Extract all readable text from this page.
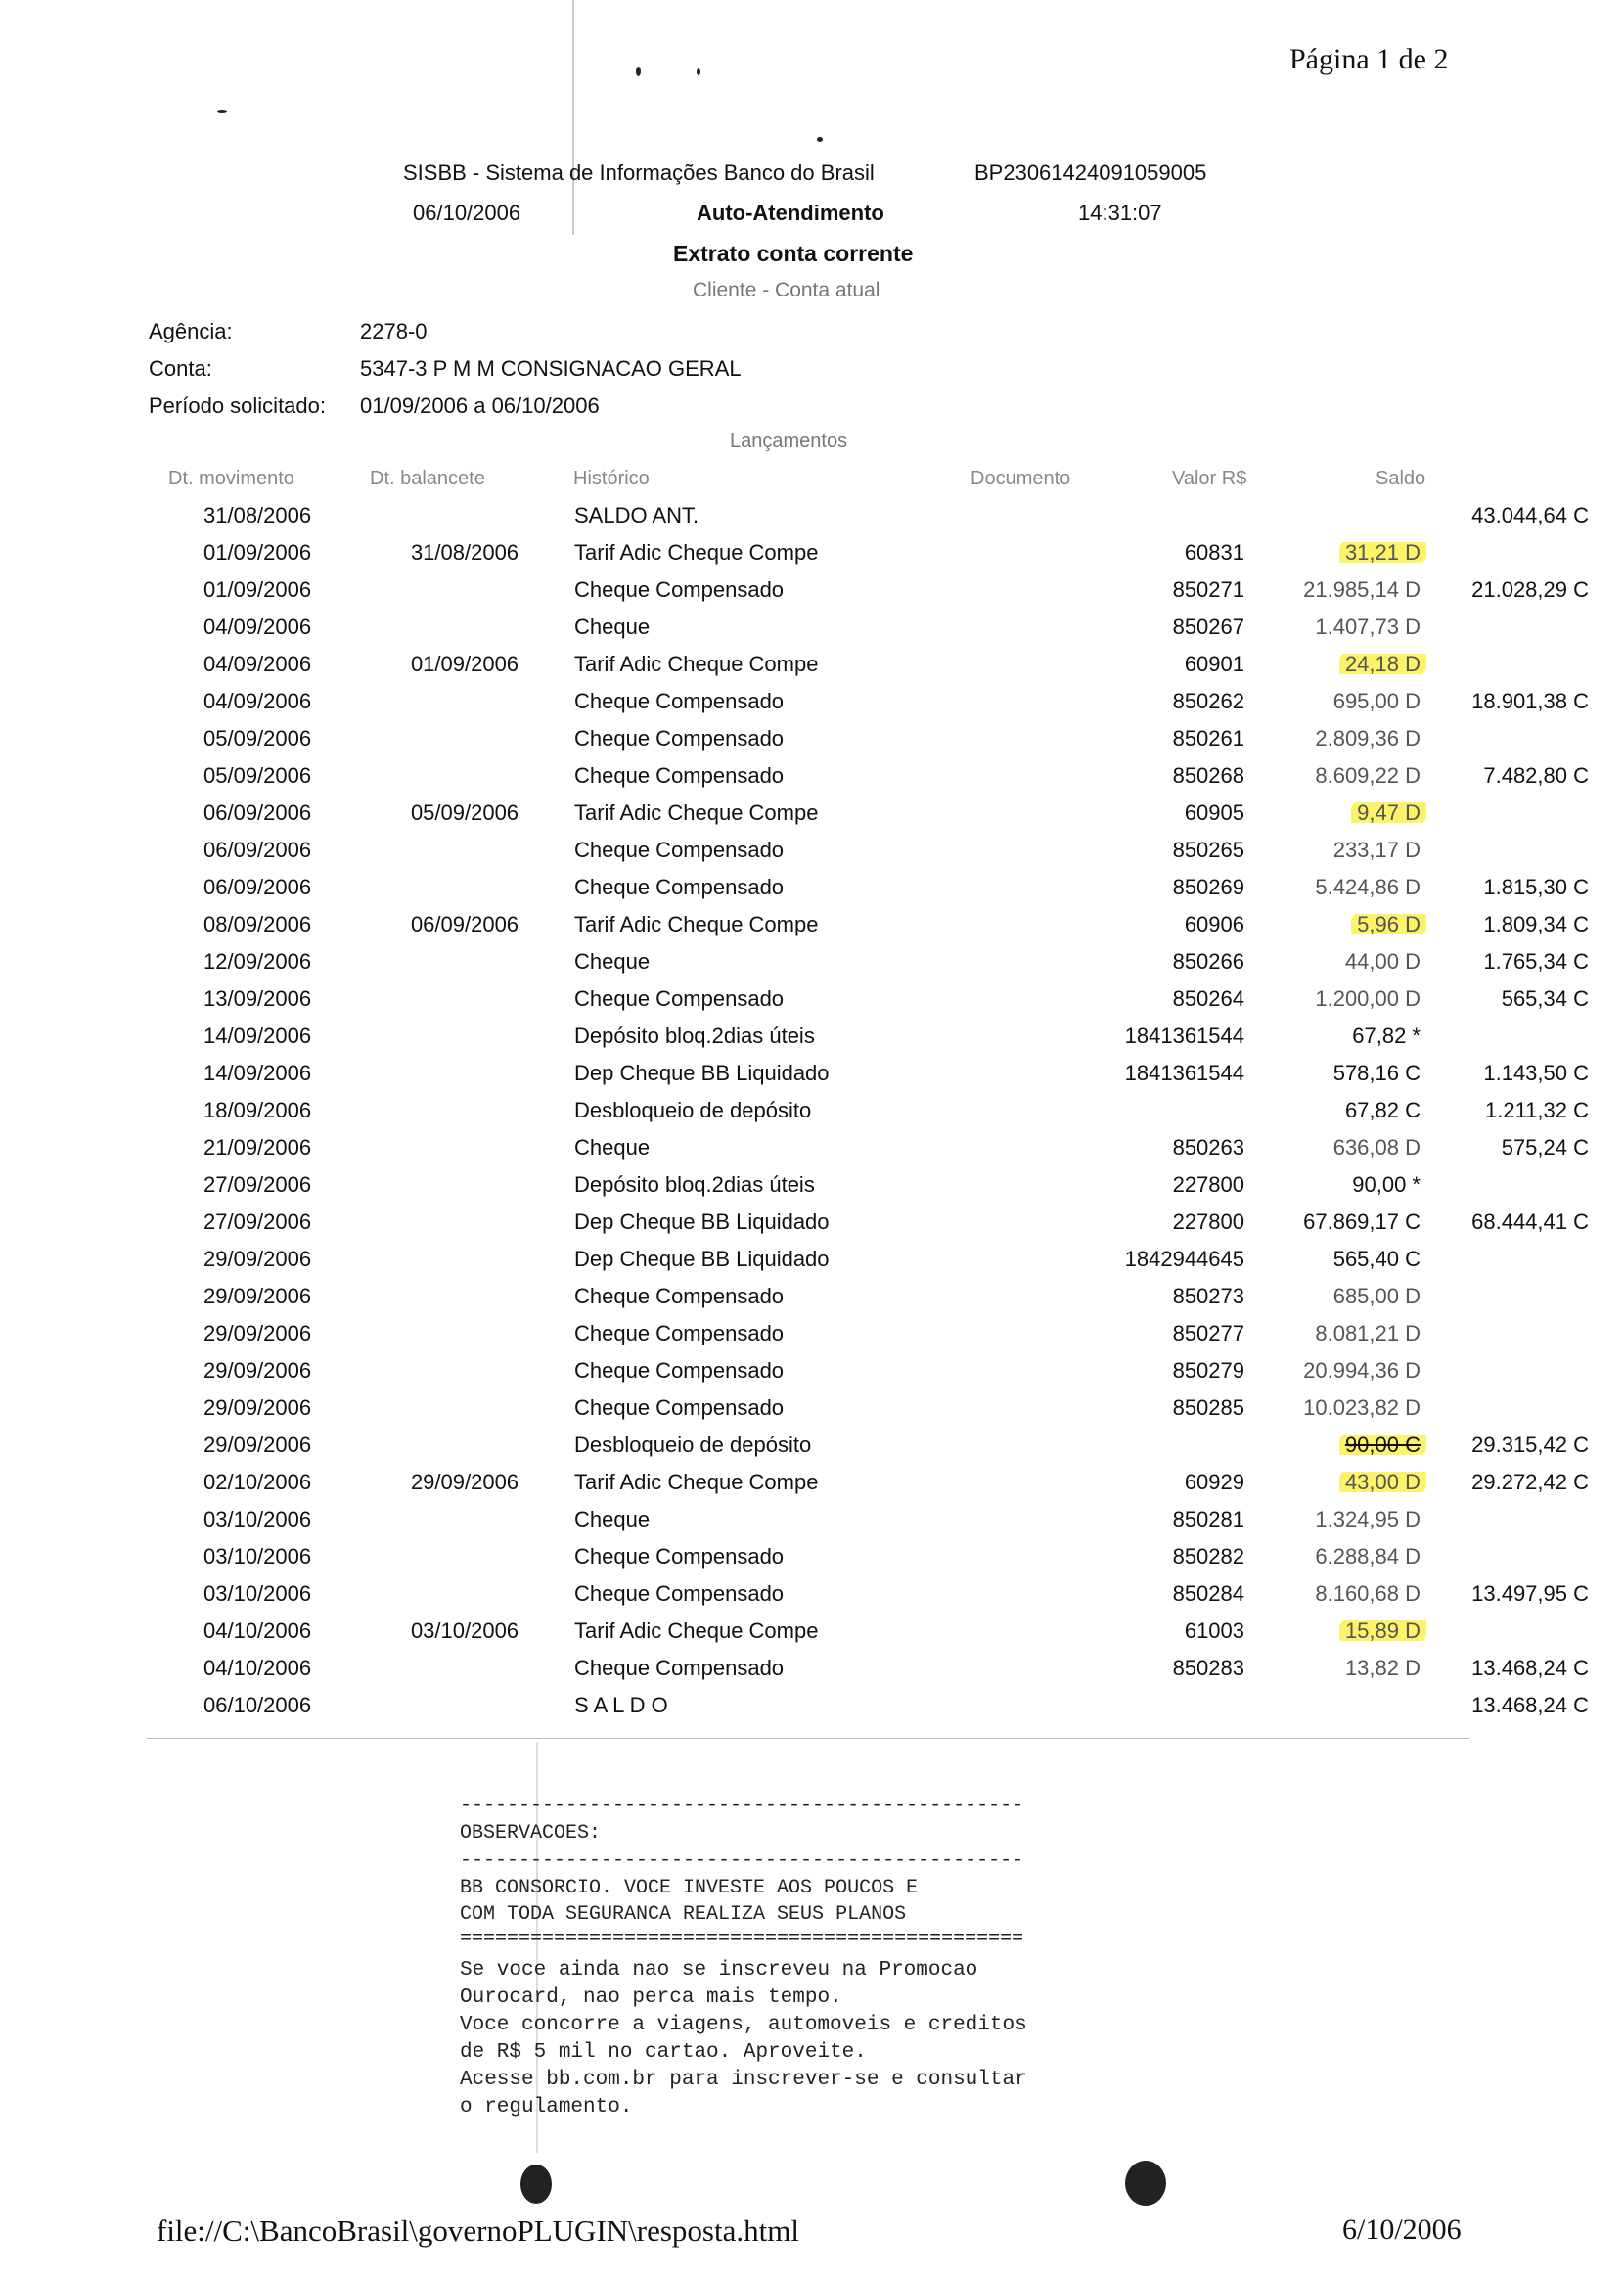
Página 1 de 2
SISBB - Sistema de Informações Banco do Brasil	BP23061424091059005
06/10/2006	Auto-Atendimento	14:31:07
Extrato conta corrente
Cliente - Conta atual
Agência:	2278-0
Conta:	5347-3 P M M CONSIGNACAO GERAL
Período solicitado: 01/09/2006 a 06/10/2006
Lançamentos
Dt. movimento	Dt. balancete	Histórico	Documento	Valor R$	Saldo
31/08/2006	SALDO ANT.	43.044,64 C
01/09/2006	31/08/2006	Tarif Adic Cheque Compe	60831	31,21 D
01/09/2006	Cheque Compensado	850271	21.985,14 D	21.028,29 C
04/09/2006	Cheque	850267	1.407,73 D
04/09/2006	01/09/2006	Tarif Adic Cheque Compe	60901	24,18 D
04/09/2006	Cheque Compensado	850262	695,00 D	18.901,38 C
05/09/2006	Cheque Compensado	850261	2.809,36 D
05/09/2006	Cheque Compensado	850268	8.609,22 D	7.482,80 C
06/09/2006	05/09/2006	Tarif Adic Cheque Compe	60905	9,47 D
06/09/2006	Cheque Compensado	850265	233,17 D
06/09/2006	Cheque Compensado	850269	5.424,86 D	1.815,30 C
08/09/2006	06/09/2006	Tarif Adic Cheque Compe	60906	5,96 D	1.809,34 C
12/09/2006	Cheque	850266	44,00 D	1.765,34 C
13/09/2006	Cheque Compensado	850264	1.200,00 D	565,34 C
14/09/2006	Depósito bloq.2dias úteis	1841361544	67,82 *
14/09/2006	Dep Cheque BB Liquidado	1841361544	578,16 C	1.143,50 C
18/09/2006	Desbloqueio de depósito	67,82 C	1.211,32 C
21/09/2006	Cheque	850263	636,08 D	575,24 C
27/09/2006	Depósito bloq.2dias úteis	227800	90,00 *
27/09/2006	Dep Cheque BB Liquidado	227800	67.869,17 C	68.444,41 C
29/09/2006	Dep Cheque BB Liquidado	1842944645	565,40 C
29/09/2006	Cheque Compensado	850273	685,00 D
29/09/2006	Cheque Compensado	850277	8.081,21 D
29/09/2006	Cheque Compensado	850279	20.994,36 D
29/09/2006	Cheque Compensado	850285	10.023,82 D
29/09/2006	Desbloqueio de depósito	90,00 C	29.315,42 C
02/10/2006	29/09/2006	Tarif Adic Cheque Compe	60929	43,00 D	29.272,42 C
03/10/2006	Cheque	850281	1.324,95 D
03/10/2006	Cheque Compensado	850282	6.288,84 D
03/10/2006	Cheque Compensado	850284	8.160,68 D	13.497,95 C
04/10/2006	03/10/2006	Tarif Adic Cheque Compe	61003	15,89 D
04/10/2006	Cheque Compensado	850283	13,82 D	13.468,24 C
06/10/2006	S A L D O	13.468,24 C
------------------------------------------------
OBSERVACOES:
------------------------------------------------
BB CONSORCIO. VOCE INVESTE AOS POUCOS E
COM TODA SEGURANCA REALIZA SEUS PLANOS
================================================
Se voce ainda nao se inscreveu na Promocao
Ourocard, nao perca mais tempo.
Voce concorre a viagens, automoveis e creditos
de R$ 5 mil no cartao. Aproveite.
Acesse bb.com.br para inscrever-se e consultar
o regulamento.
file://C:\BancoBrasil\governoPLUGIN\resposta.html	6/10/2006
